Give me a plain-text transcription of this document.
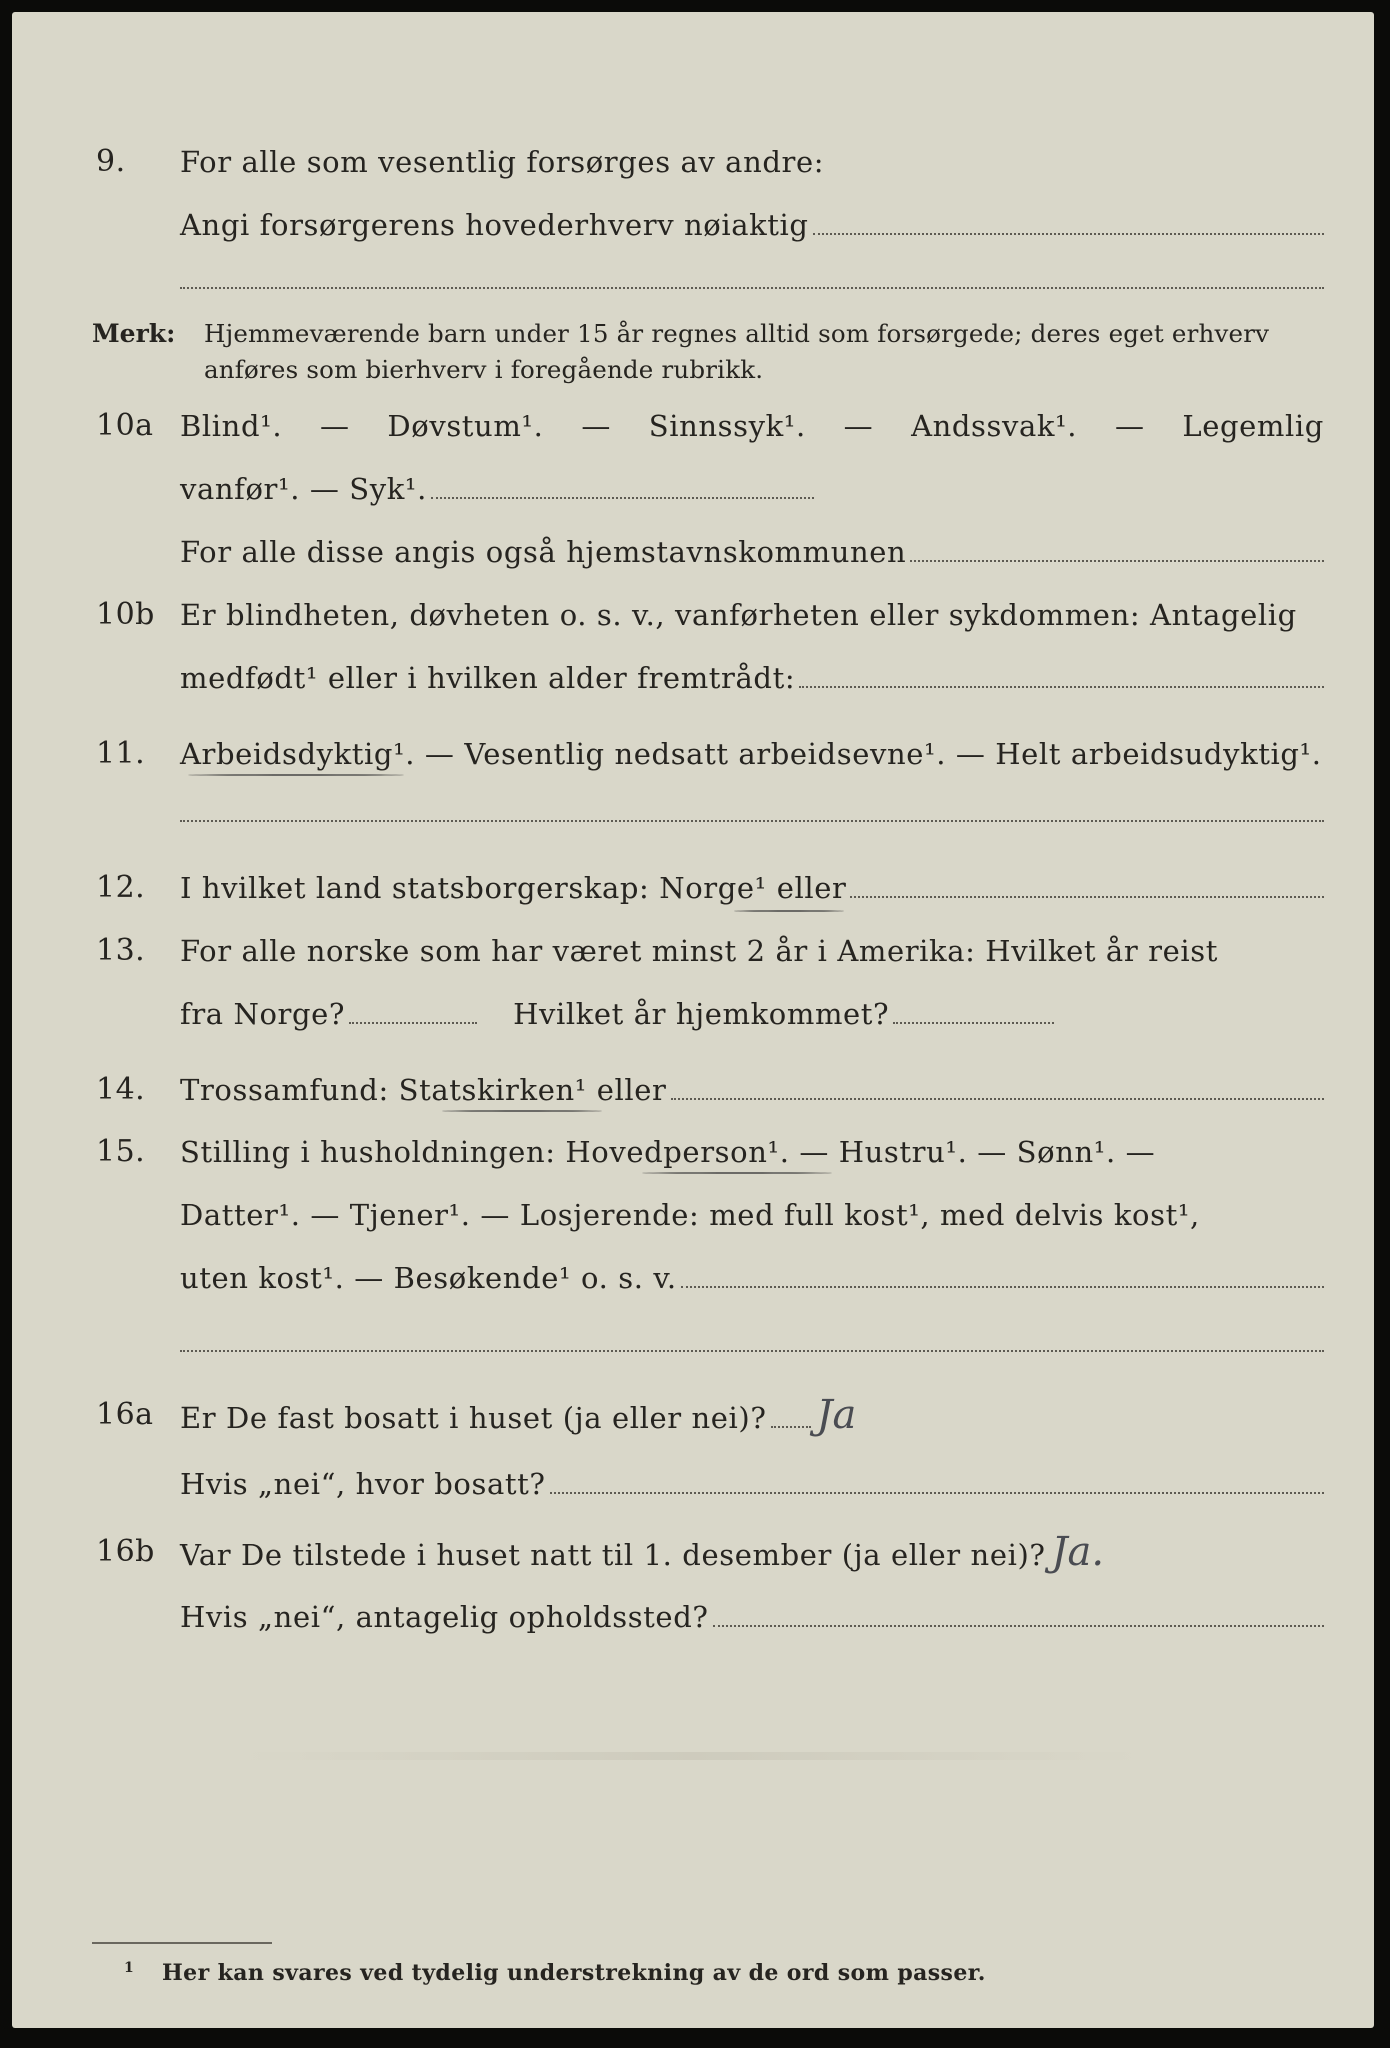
9. For alle som vesentlig forsørges av andre:
Angi forsørgerens hovederhverv nøiaktig
Merk: Hjemmeværende barn under 15 år regnes alltid som forsørgede; deres eget erhverv
anføres som bierhverv i foregående rubrikk.
10a Blind¹. — Døvstum¹. — Sinnssyk¹. — Andssvak¹. — Legemlig
vanfør¹. — Syk¹.
For alle disse angis også hjemstavnskommunen
10b Er blindheten, døvheten o. s. v., vanførheten eller sykdommen: Antagelig
medfødt¹ eller i hvilken alder fremtrådt:
11. Arbeidsdyktig¹. — Vesentlig nedsatt arbeidsevne¹. — Helt arbeidsudyktig¹.
12. I hvilket land statsborgerskap: Norge¹ eller
13. For alle norske som har været minst 2 år i Amerika: Hvilket år reist
fra Norge?	Hvilket år hjemkommet?
14. Trossamfund: Statskirken¹ eller
15. Stilling i husholdningen: Hovedperson¹. — Hustru¹. — Sønn¹. —
Datter¹. — Tjener¹. — Losjerende: med full kost¹, med delvis kost¹,
uten kost¹. — Besøkende¹ o. s. v.
16a Er De fast bosatt i huset (ja eller nei)? Ja
Hvis „nei“, hvor bosatt?
16b Var De tilstede i huset natt til 1. desember (ja eller nei)? Ja.
Hvis „nei“, antagelig opholdssted?
1 Her kan svares ved tydelig understrekning av de ord som passer.
